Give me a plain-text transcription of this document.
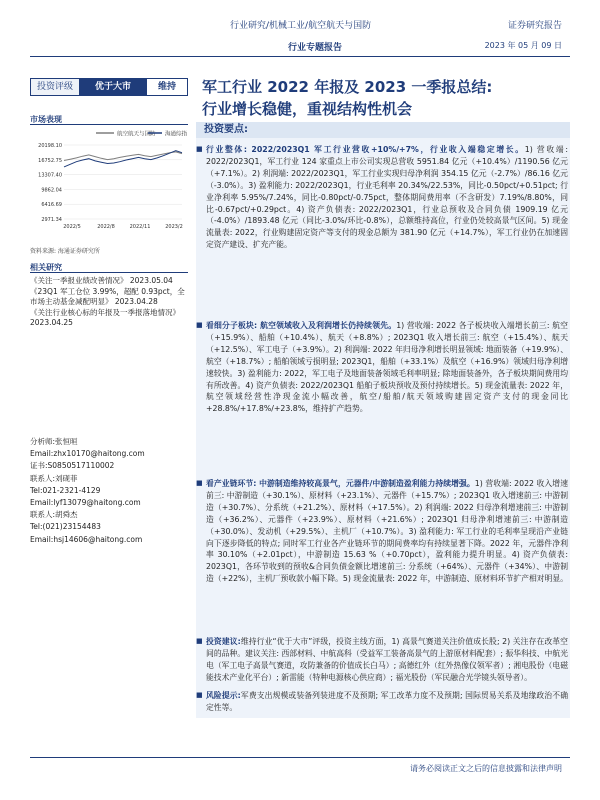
行业研究/机械工业/航空航天与国防	证券研究报告
行业专题报告	2023 年 05 月 09 日
投资评级	优于大市	维持	军工行业 2022 年报及 2023 一季报总结:
行业增长稳健，重视结构性机会
市场表现
航空航天与国防 海通综指
20198.10
16752.75
13307.40
9862.04
6416.69
2971.34
2022/5	2022/8	2022/11	2023/2
资料来源: 海通证券研究所
相关研究
《关注一季报业绩改善情况》 2023.05.04
《23Q1 军工仓位 3.99%，超配 0.93pct，全市场主动基金减配明显》 2023.04.28
《关注行业核心标的年报及一季报落地情况》 2023.04.25
分析师:张恒晅
Email:zhx10170@haitong.com
证书:S0850517110002
联系人:刘砚菲
Tel:021-2321-4129
Email:lyf13079@haitong.com
联系人:胡舜杰
Tel:(021)23154483
Email:hsj14606@haitong.com
投资要点:
■ 行业整体: 2022/2023Q1 军工行业营收+10%/+7%，行业收入端稳定增长。1) 营收端: 2022/2023Q1，军工行业 124 家重点上市公司实现总营收 5951.84 亿元（+10.4%）/1190.56 亿元（+7.1%）。2) 利润端: 2022/2023Q1，军工行业实现归母净利润 354.15 亿元（-2.7%）/86.16 亿元（-3.0%）。3) 盈利能力: 2022/2023Q1，行业毛利率 20.34%/22.53%，同比-0.50pct/+0.51pct; 行业净利率 5.95%/7.24%，同比-0.80pct/-0.75pct，整体期间费用率（不含研发）7.19%/8.80%，同比-0.67pct/+0.29pct。4) 资产负债表: 2022/2023Q1，行业总预收及合同负债 1909.19 亿元（-4.0%）/1893.48 亿元（同比-3.0%/环比-0.8%），总额维持高位，行业仍处较高景气区间。5) 现金流量表: 2022，行业购建固定资产等支付的现金总额为 381.90 亿元（+14.7%），军工行业仍在加速固定资产建设、扩充产能。
■ 看细分子板块: 航空领域收入及利润增长仍持续领先。1) 营收端: 2022 各子板块收入端增长前三: 航空（+15.9%）、船舶（+10.4%）、航天（+8.8%）; 2023Q1 收入增长前三: 航空（+15.4%）、航天（+12.5%）、军工电子（+3.9%）。2) 利润端: 2022 年归母净利增长明显领域: 地面装备（+19.9%）、航空（+18.7%）; 船舶领域亏损明显; 2023Q1，船舶（+33.1%）及航空（+16.9%）领域归母净利增速较快。3) 盈利能力: 2022，军工电子及地面装备领域毛利率明显; 除地面装备外，各子板块期间费用均有所改善。4) 资产负债表: 2022/2023Q1 船舶子板块预收及预付持续增长。5) 现金流量表: 2022 年，航空领域经营性净现金流小幅改善，航空/船舶/航天领域购建固定资产支付的现金同比 +28.8%/+17.8%/+23.8%，维持扩产趋势。
■ 看产业链环节: 中游制造维持较高景气，元器件/中游制造盈利能力持续增强。1) 营收端: 2022 收入增速前三: 中游制造（+30.1%）、原材料（+23.1%）、元器件（+15.7%）; 2023Q1 收入增速前三: 中游制造（+30.7%）、分系统（+21.2%）、原材料（+17.5%）。2) 利润端: 2022 归母净利增速前三: 中游制造（+36.2%）、元器件（+23.9%）、原材料（+21.6%）; 2023Q1 归母净利增速前三: 中游制造（+30.0%）、发动机（+29.5%）、主机厂（+10.7%）。3) 盈利能力: 军工行业的毛利率呈现沿产业链向下逐步降低的特点; 同时军工行业各产业链环节的期间费率均有持续显著下降。2022 年，元器件净利率 30.10%（+2.01pct），中游制造 15.63 %（+0.70pct），盈利能力提升明显。4) 资产负债表: 2023Q1，各环节收到的预收&合同负债金额比增速前三: 分系统（+64%）、元器件（+34%）、中游制造（+22%），主机厂预收款小幅下降。5) 现金流量表: 2022 年，中游制造、原材料环节扩产相对明显。
■ 投资建议:维持行业“优于大市”评级，投资主线方面，1) 高景气赛道关注价值成长股; 2) 关注存在改革空间的品种。建议关注: 西部材料、中航高科（受益军工装备高景气的上游原材料配套）; 振华科技、中航光电（军工电子高景气赛道，攻防兼备的价值成长白马）; 高德红外（红外热像仪领军者）; 湘电股份（电磁能技术产业化平台）; 新雷能（特种电源核心供应商）; 福光股份（军民融合光学镜头领导者）。
■ 风险提示:军费支出规模或装备列装进度不及预期; 军工改革力度不及预期; 国际贸易关系及地缘政治不确定性等。
请务必阅读正文之后的信息披露和法律声明
